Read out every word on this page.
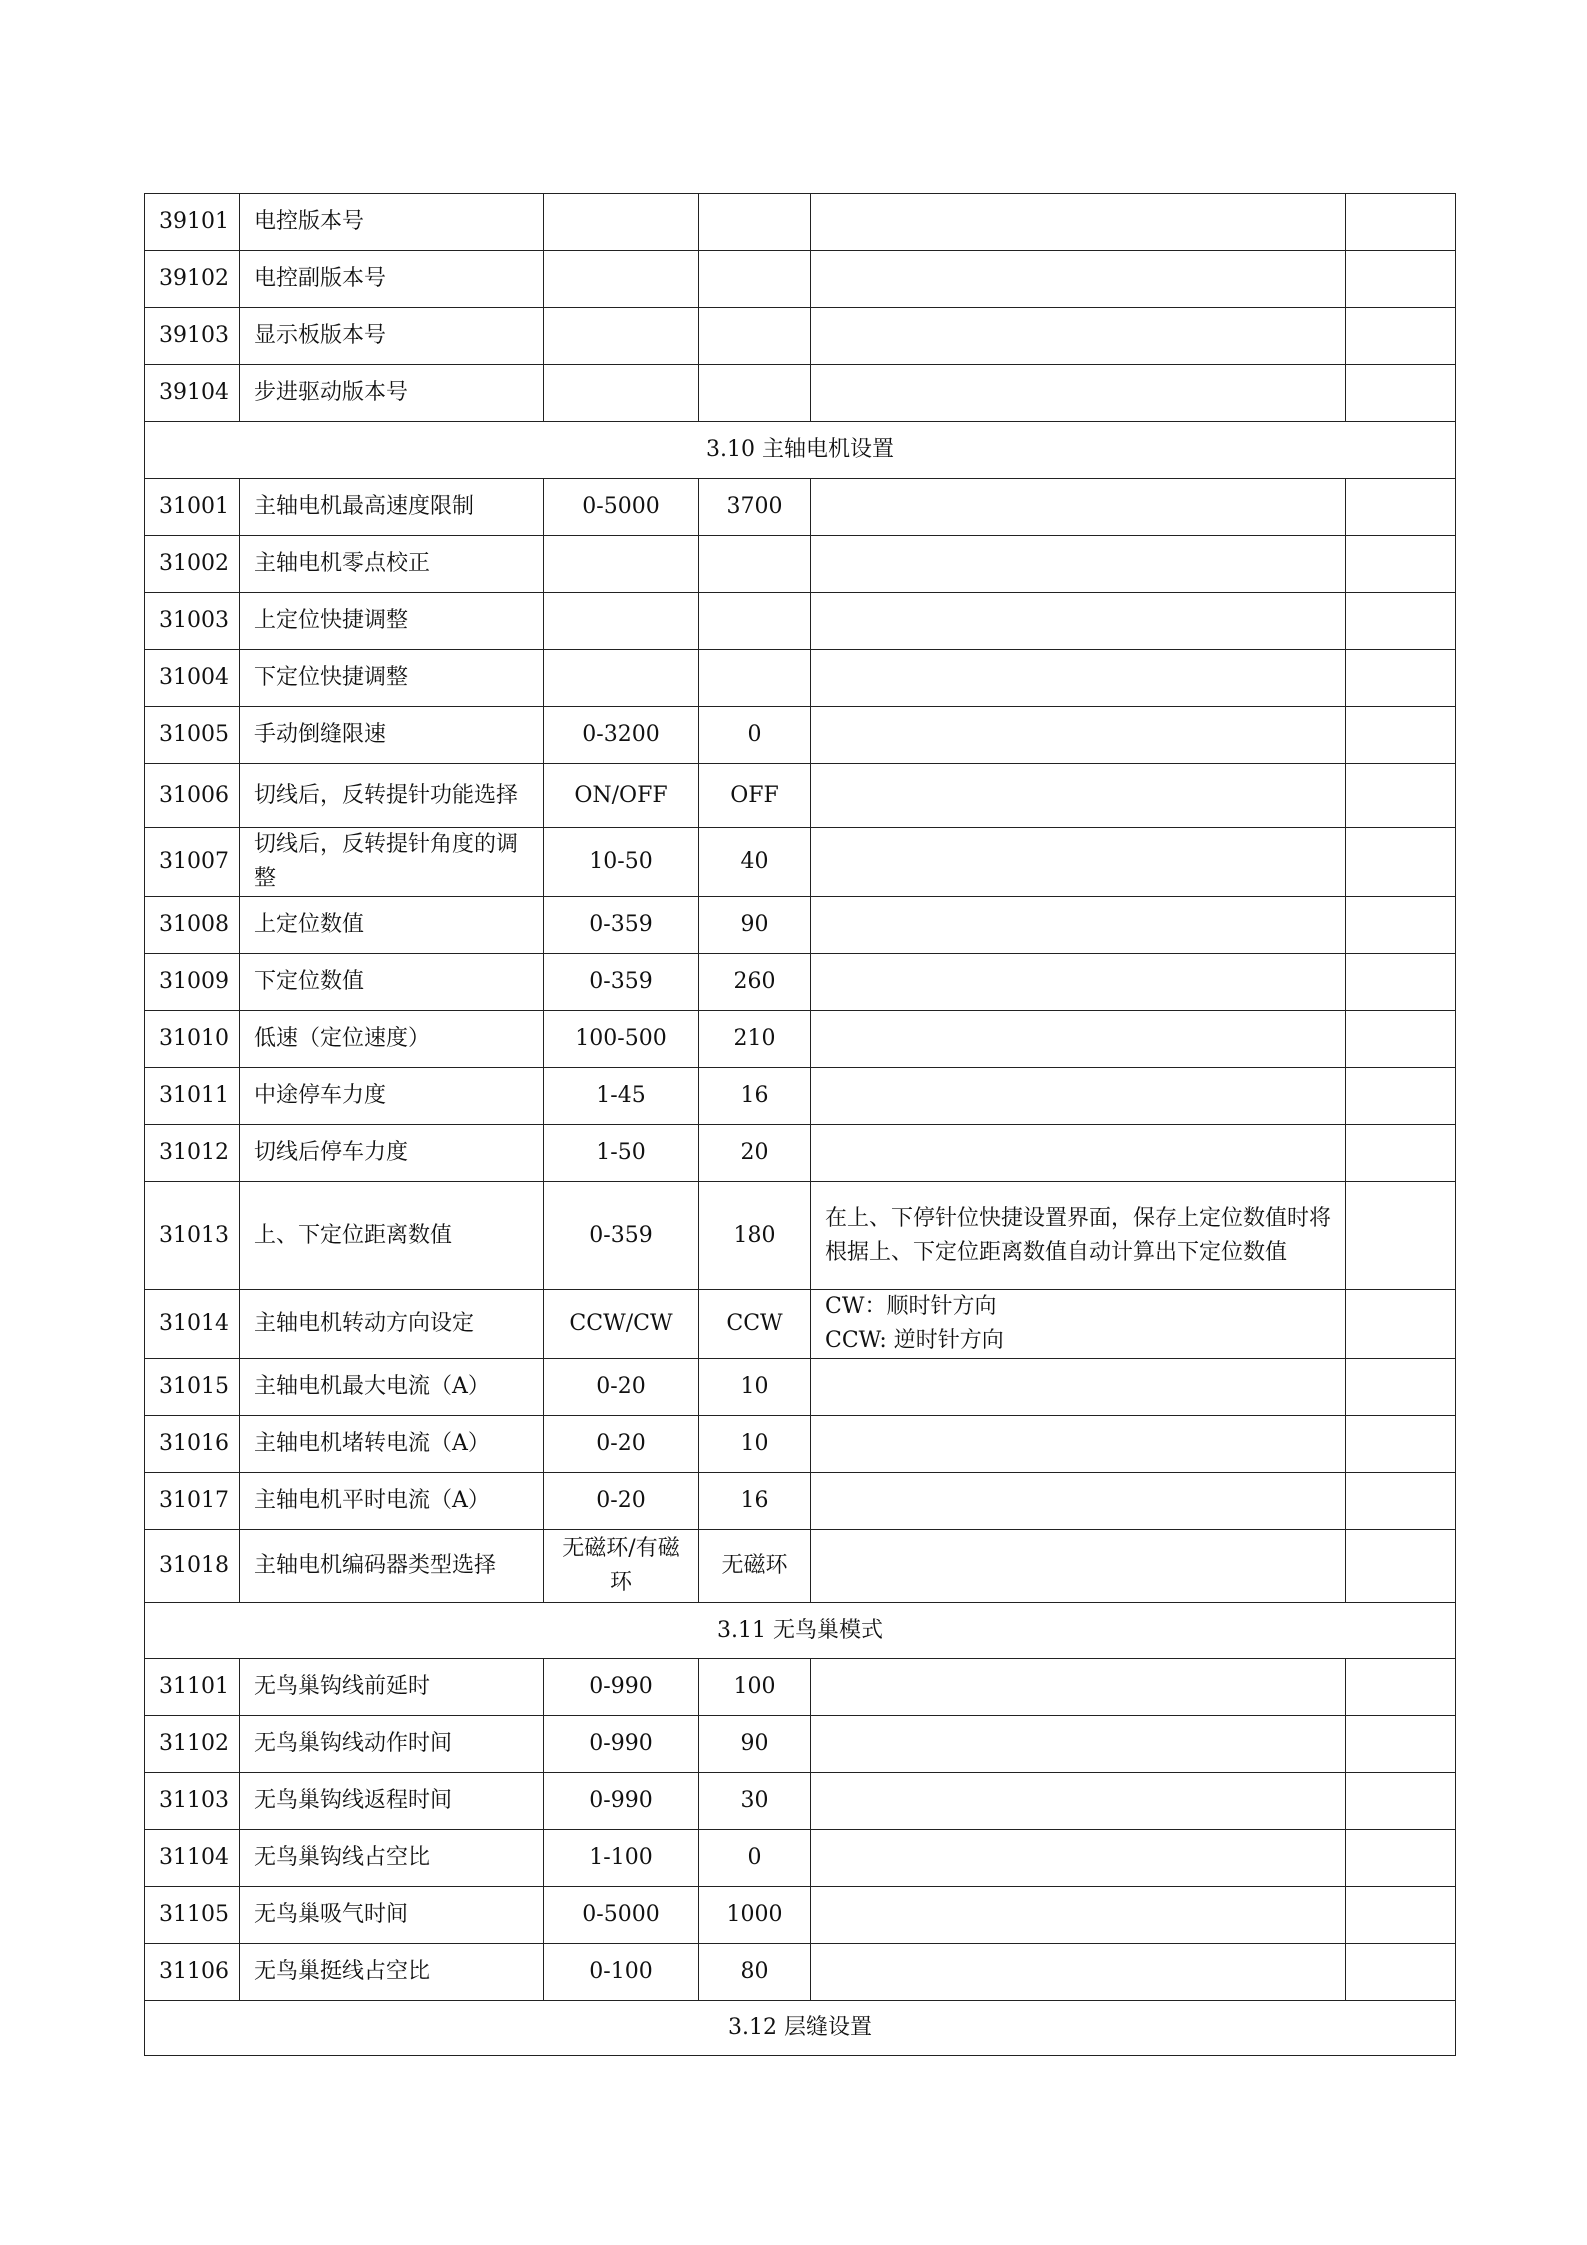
39101	电控版本号				
39102	电控副版本号				
39103	显示板版本号				
39104	步进驱动版本号				
3.10 主轴电机设置					
31001	主轴电机最高速度限制	0-5000	3700		
31002	主轴电机零点校正				
31003	上定位快捷调整				
31004	下定位快捷调整				
31005	手动倒缝限速	0-3200	0		
31006	切线后，反转提针功能选择	ON/OFF	OFF		
31007	切线后，反转提针角度的调整	10-50	40		
31008	上定位数值	0-359	90		
31009	下定位数值	0-359	260		
31010	低速（定位速度）	100-500	210		
31011	中途停车力度	1-45	16		
31012	切线后停车力度	1-50	20		
31013	上、下定位距离数值	0-359	180	在上、下停针位快捷设置界面，保存上定位数值时将根据上、下定位距离数值自动计算出下定位数值	
31014	主轴电机转动方向设定	CCW/CW	CCW	CW：顺时针方向
CCW: 逆时针方向	
31015	主轴电机最大电流（A）	0-20	10		
31016	主轴电机堵转电流（A）	0-20	10		
31017	主轴电机平时电流（A）	0-20	16		
31018	主轴电机编码器类型选择	无磁环/有磁环	无磁环		
3.11 无鸟巢模式					
31101	无鸟巢钩线前延时	0-990	100		
31102	无鸟巢钩线动作时间	0-990	90		
31103	无鸟巢钩线返程时间	0-990	30		
31104	无鸟巢钩线占空比	1-100	0		
31105	无鸟巢吸气时间	0-5000	1000		
31106	无鸟巢挺线占空比	0-100	80		
3.12 层缝设置					
